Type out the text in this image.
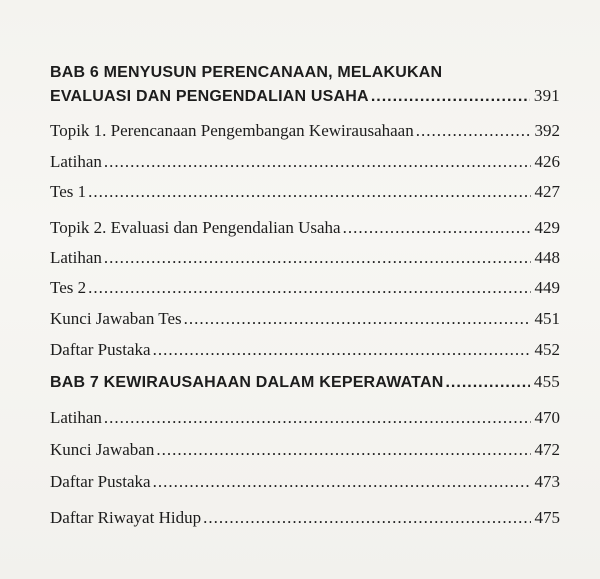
BAB 6 MENYUSUN PERENCANAAN, MELAKUKAN
EVALUASI DAN PENGENDALIAN USAHA .....	391
Topik 1. Perencanaan Pengembangan Kewirausahaan .....	392
Latihan .....	426
Tes 1 .....	427
Topik 2. Evaluasi dan Pengendalian Usaha .....	429
Latihan .....	448
Tes 2 .....	449
Kunci Jawaban Tes .....	451
Daftar Pustaka .....	452
BAB 7 KEWIRAUSAHAAN DALAM KEPERAWATAN .....	455
Latihan .....	470
Kunci Jawaban .....	472
Daftar Pustaka .....	473
Daftar Riwayat Hidup .....	475
